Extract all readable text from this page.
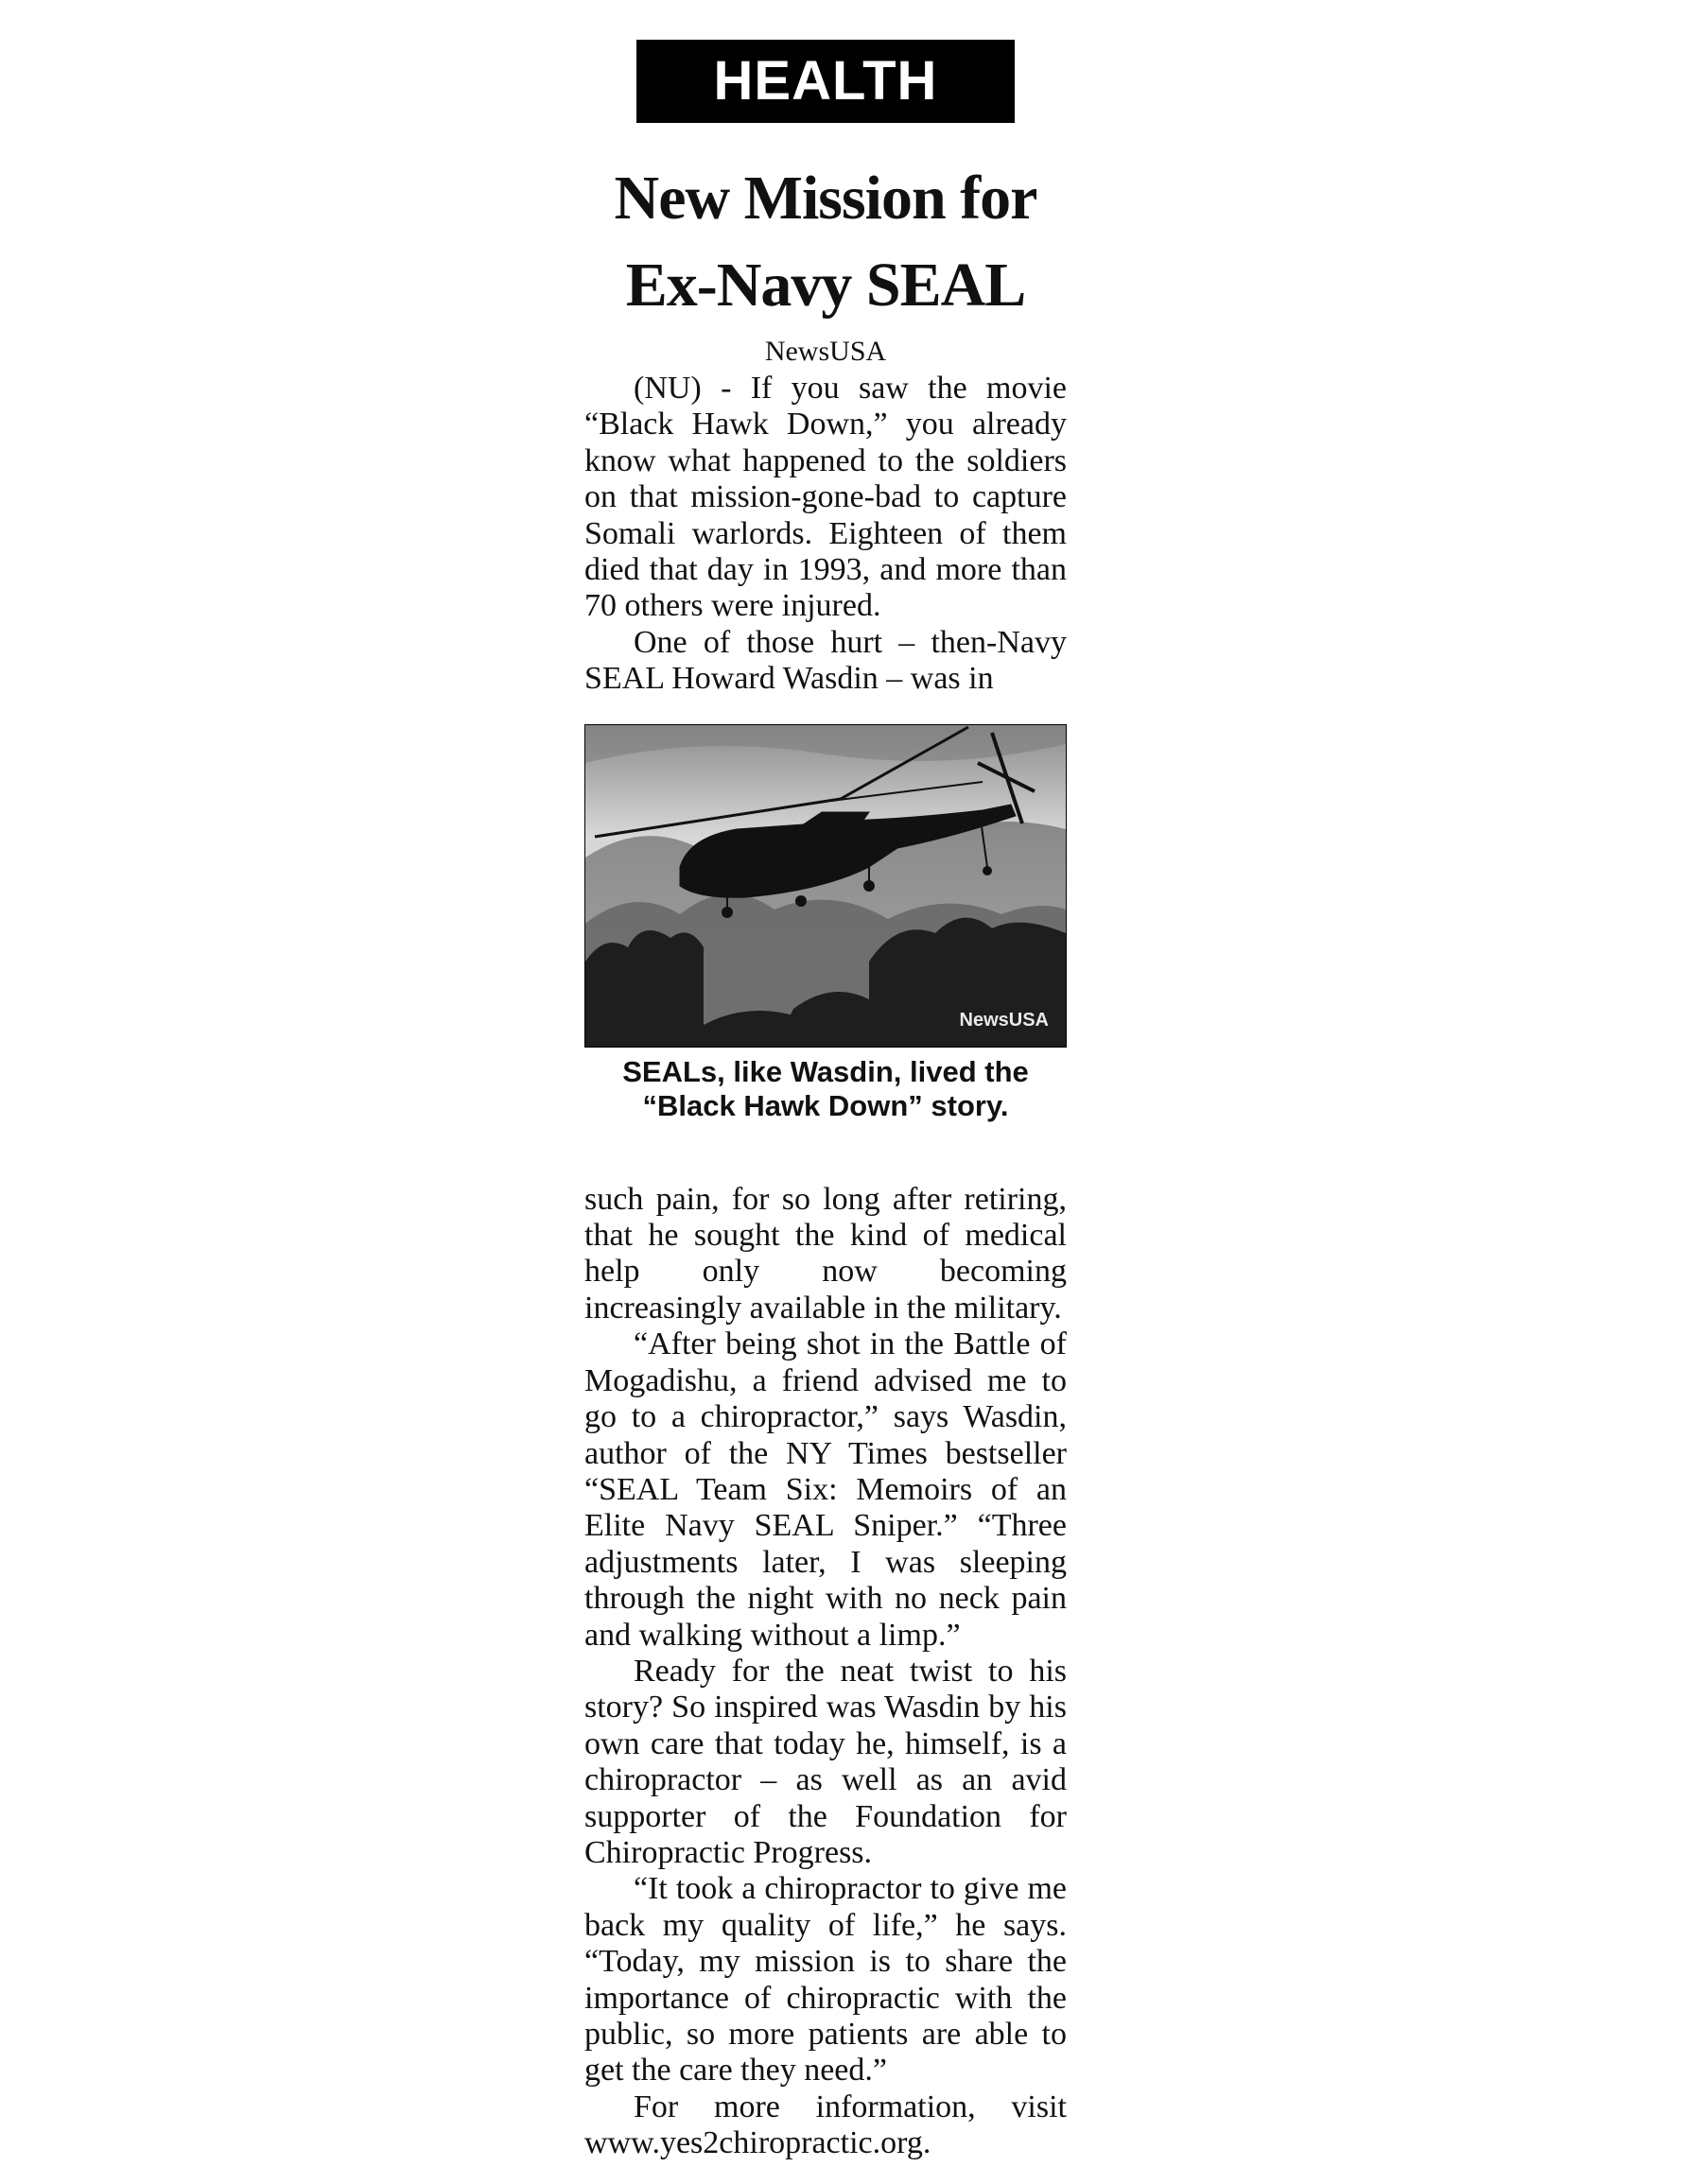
HEALTH
New Mission for
Ex-Navy SEAL
NewsUSA

(NU) - If you saw the movie “Black Hawk Down,” you already know what happened to the soldiers on that mission-gone-bad to capture Somali warlords. Eighteen of them died that day in 1993, and more than 70 others were injured.

One of those hurt – then-Navy SEAL Howard Wasdin – was in

NewsUSA
SEALs, like Wasdin, lived the
“Black Hawk Down” story.

such pain, for so long after retiring, that he sought the kind of medical help only now becoming increasingly available in the military.

“After being shot in the Battle of Mogadishu, a friend advised me to go to a chiropractor,” says Wasdin, author of the NY Times bestseller “SEAL Team Six: Memoirs of an Elite Navy SEAL Sniper.” “Three adjustments later, I was sleeping through the night with no neck pain and walking without a limp.”

Ready for the neat twist to his story? So inspired was Wasdin by his own care that today he, himself, is a chiropractor – as well as an avid supporter of the Foundation for Chiropractic Progress.

“It took a chiropractor to give me back my quality of life,” he says. “Today, my mission is to share the importance of chiropractic with the public, so more patients are able to get the care they need.”

For more information, visit www.yes2chiropractic.org.
